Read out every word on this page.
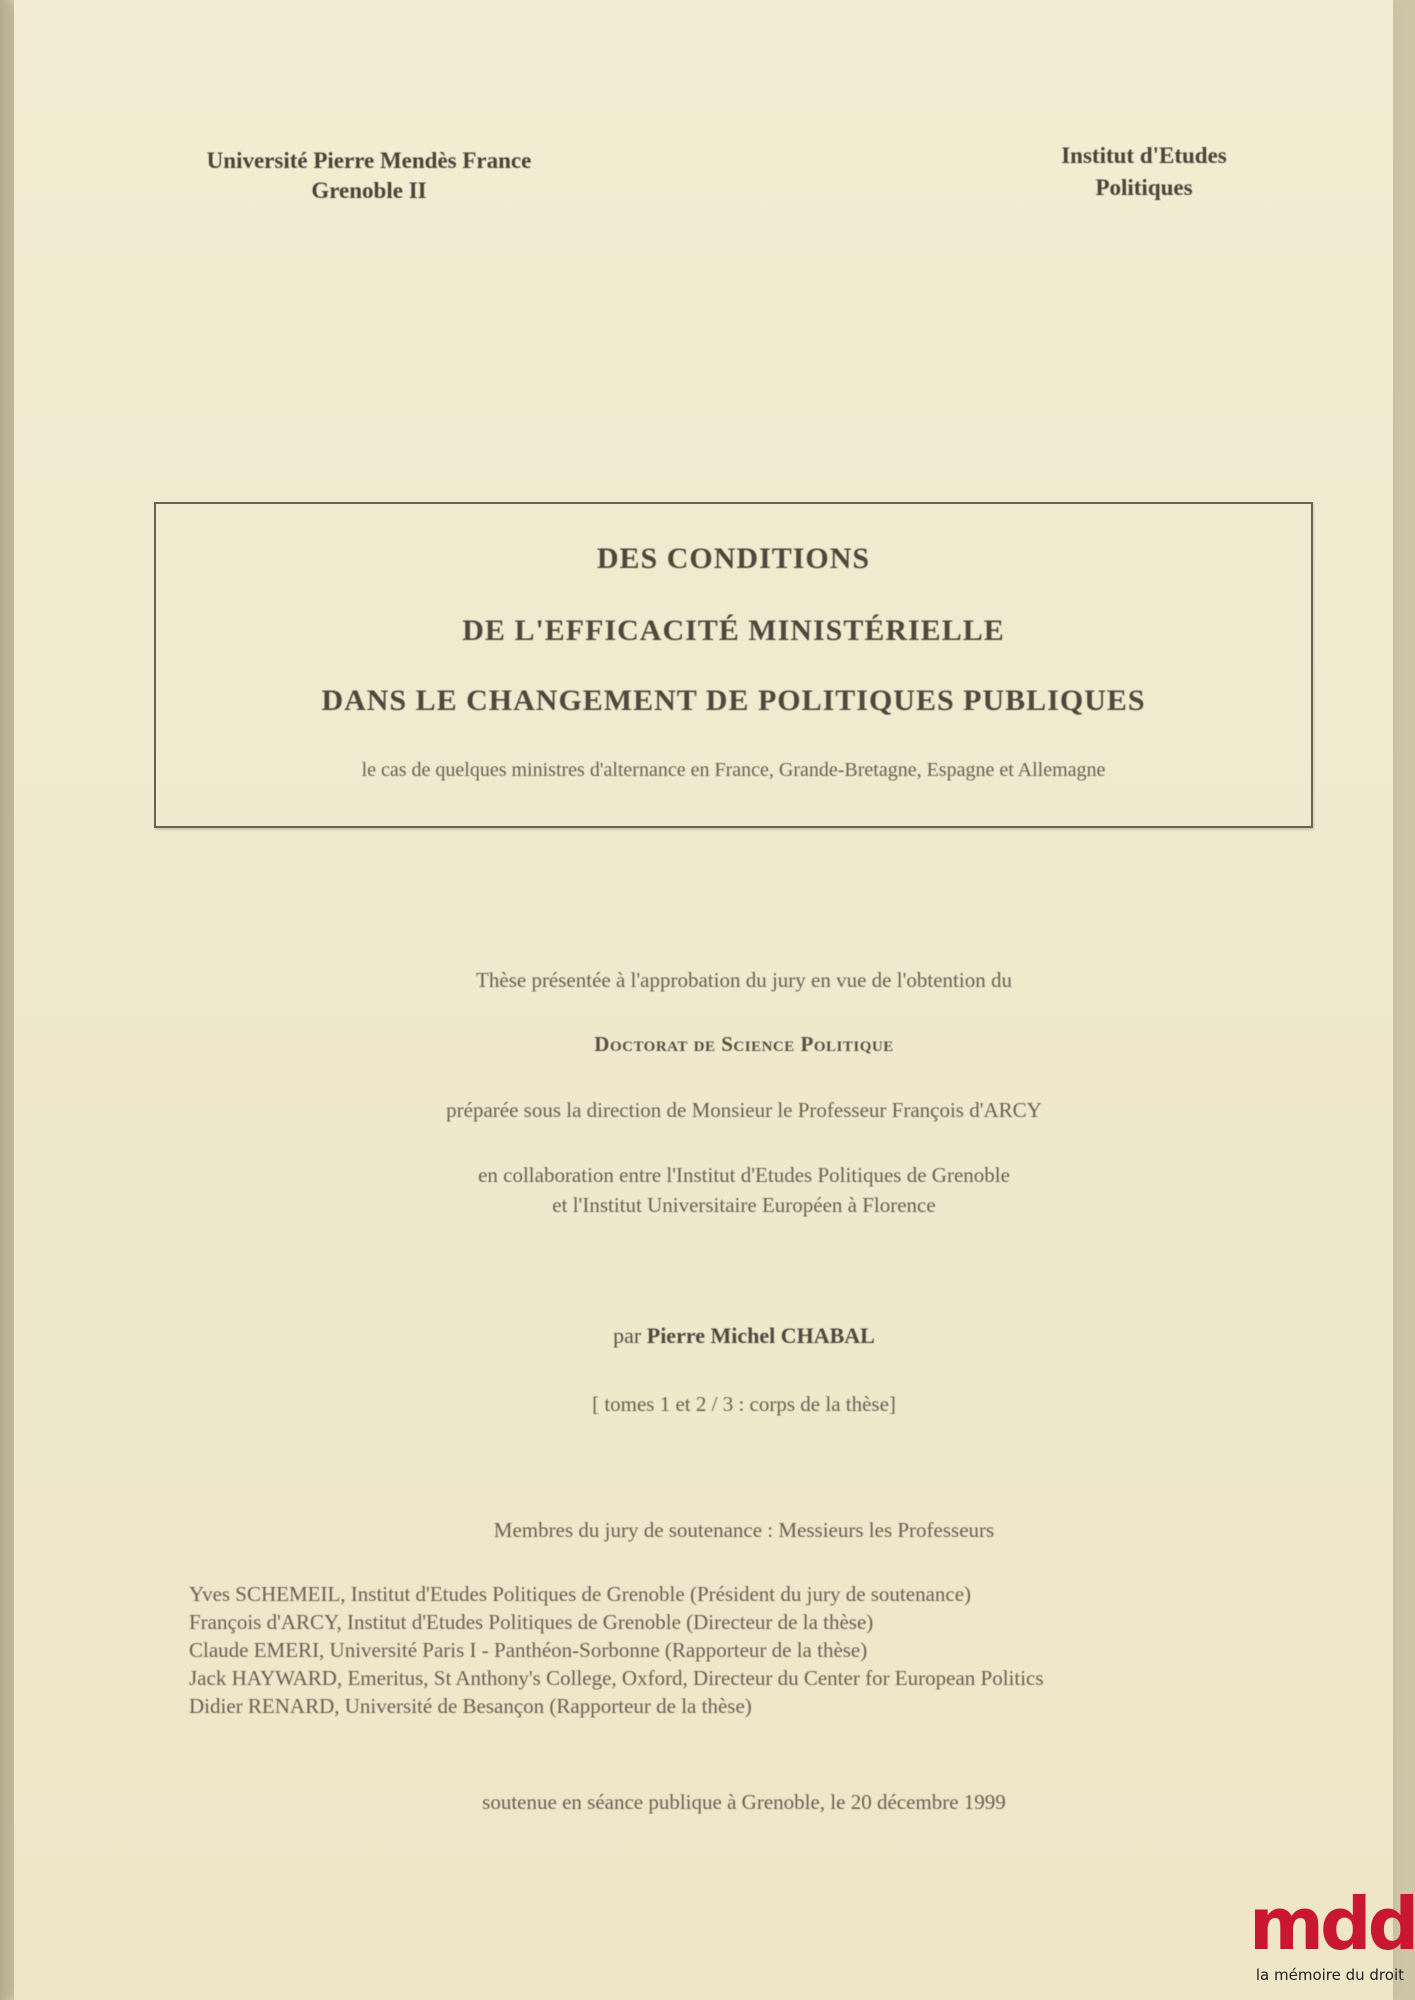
Université Pierre Mendès France
Grenoble II
Institut d'Etudes
Politiques
DES CONDITIONS
DE L'EFFICACITÉ MINISTÉRIELLE
DANS LE CHANGEMENT DE POLITIQUES PUBLIQUES
le cas de quelques ministres d'alternance en France, Grande-Bretagne, Espagne et Allemagne
Thèse présentée à l'approbation du jury en vue de l'obtention du
Doctorat de Science Politique
préparée sous la direction de Monsieur le Professeur François d'ARCY
en collaboration entre l'Institut d'Etudes Politiques de Grenoble
et l'Institut Universitaire Européen à Florence
par Pierre Michel CHABAL
[ tomes 1 et 2 / 3 : corps de la thèse]
Membres du jury de soutenance : Messieurs les Professeurs
Yves SCHEMEIL, Institut d'Etudes Politiques de Grenoble (Président du jury de soutenance)
François d'ARCY, Institut d'Etudes Politiques de Grenoble (Directeur de la thèse)
Claude EMERI, Université Paris I - Panthéon-Sorbonne (Rapporteur de la thèse)
Jack HAYWARD, Emeritus, St Anthony's College, Oxford, Directeur du Center for European Politics
Didier RENARD, Université de Besançon (Rapporteur de la thèse)
soutenue en séance publique à Grenoble, le 20 décembre 1999
mdd
la mémoire du droit
